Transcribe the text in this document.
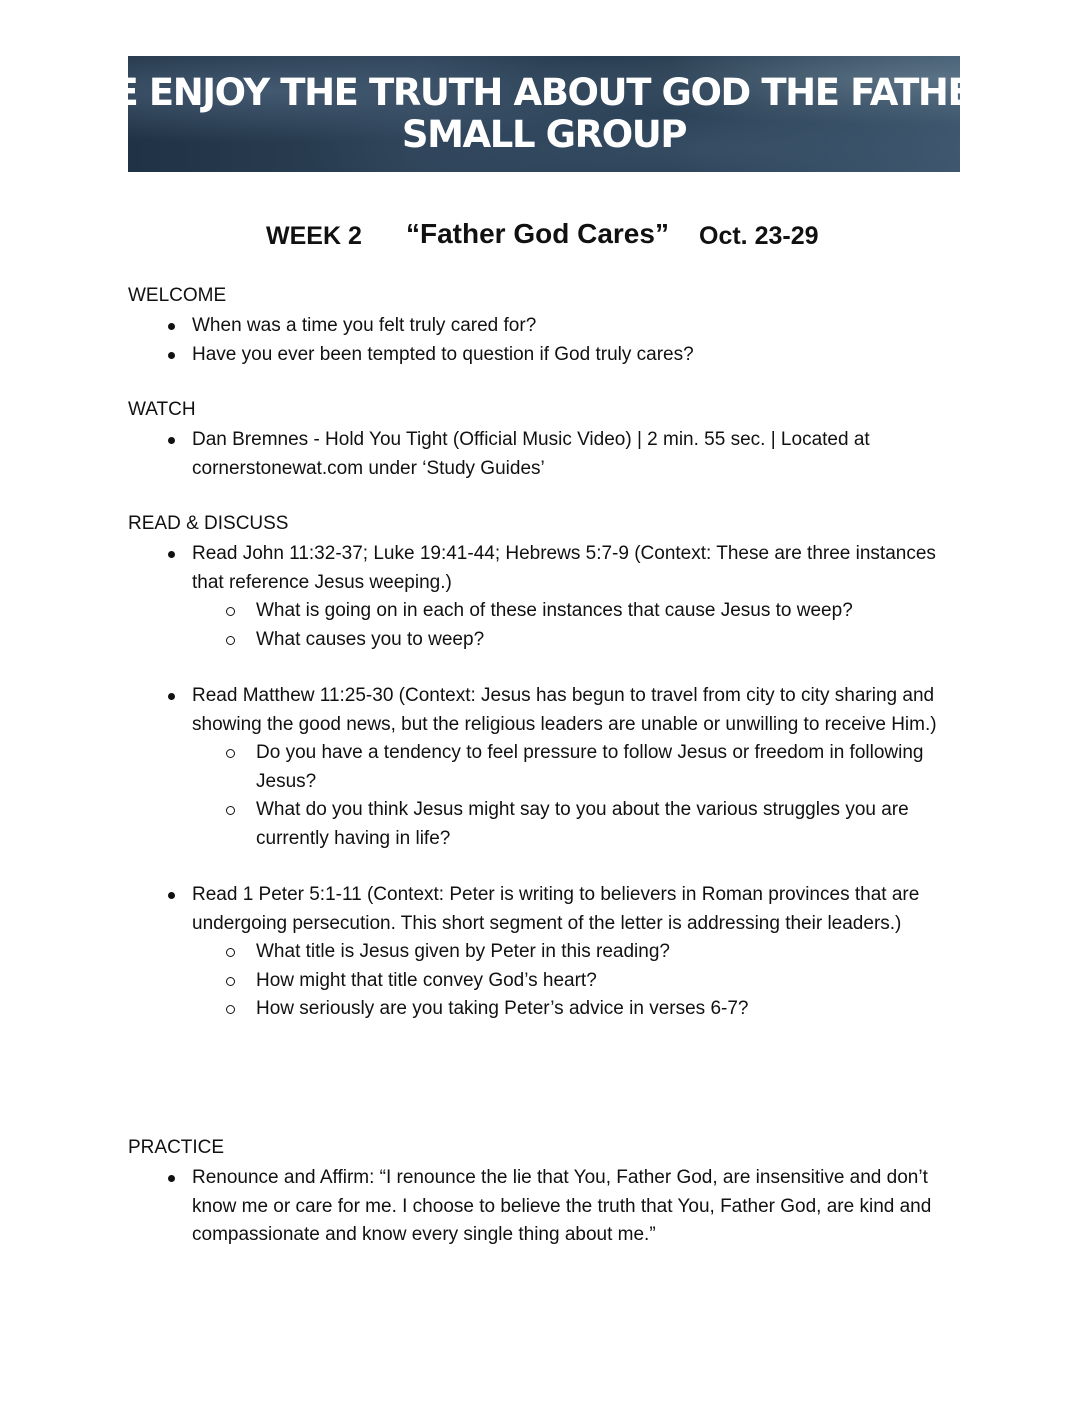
WE ENJOY THE TRUTH ABOUT GOD THE FATHER!
SMALL GROUP
WEEK 2 “Father God Cares” Oct. 23-29
WELCOME
When was a time you felt truly cared for?
Have you ever been tempted to question if God truly cares?
WATCH
Dan Bremnes - Hold You Tight (Official Music Video) | 2 min. 55 sec. | Located at cornerstonewat.com under ‘Study Guides’
READ & DISCUSS
Read John 11:32-37; Luke 19:41-44; Hebrews 5:7-9 (Context: These are three instances that reference Jesus weeping.)
What is going on in each of these instances that cause Jesus to weep?
What causes you to weep?
Read Matthew 11:25-30 (Context: Jesus has begun to travel from city to city sharing and showing the good news, but the religious leaders are unable or unwilling to receive Him.)
Do you have a tendency to feel pressure to follow Jesus or freedom in following Jesus?
What do you think Jesus might say to you about the various struggles you are currently having in life?
Read 1 Peter 5:1-11 (Context: Peter is writing to believers in Roman provinces that are undergoing persecution. This short segment of the letter is addressing their leaders.)
What title is Jesus given by Peter in this reading?
How might that title convey God’s heart?
How seriously are you taking Peter’s advice in verses 6-7?
PRACTICE
Renounce and Affirm: “I renounce the lie that You, Father God, are insensitive and don’t know me or care for me. I choose to believe the truth that You, Father God, are kind and compassionate and know every single thing about me.”
